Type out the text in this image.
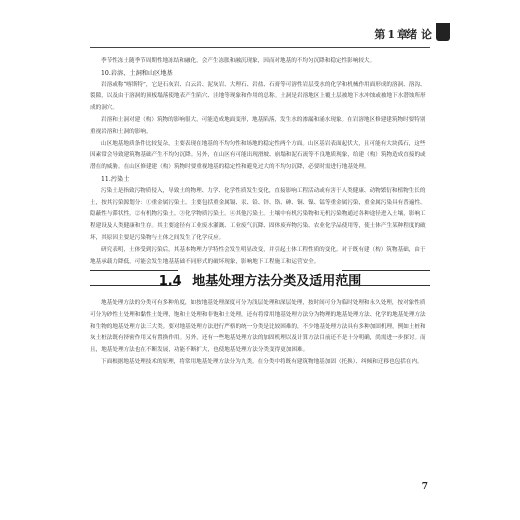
第1章
绪 论

季节性冻土随季节周期性地冻结和融化，会产生冻胀和融沉现象，因而对地基的不均匀沉降和稳定性影响较大。

10.岩溶、土洞和山区地基

岩溶或称“喀斯特”，它是石灰岩、白云岩、泥灰岩、大理石、岩盐、石膏等可溶性岩层受水的化学和机械作用面形成的溶洞、溶沟、裂隙，以及由于溶洞的顶板塌落使地表产生陷穴、洼地等现象和作用的总称。土洞是岩溶地区上覆土层被地下水冲蚀或被地下水潜蚀所形成的洞穴。

岩溶和土洞对建（构）筑物的影响很大，可能造成地面变形，地基陷落，发生水的渗漏和涌水现象。在岩溶地区修建建筑物时要特别重视岩溶和土洞的影响。

山区地基地质条件比较复杂，主要表现在地基的不均匀性和场地的稳定性两个方面。山区基岩表面起伏大，且可能有大块孤石，这些因素常会导致建筑物基础产生不均匀沉降。另外，在山区有可能出现滑坡、崩塌和泥石流等不良地质现象，给建（构）筑物造成直接的或潜在的威胁。在山区修建建（构）筑物时要重视地基的稳定性和避免过大的不均匀沉降，必要时需进行地基处理。

11.污染土

污染土是指致污物质侵入，导致土的物理、力学、化学性质发生变化，直接影响工程活动或有害于人类健康、动物繁衍和植物生长的土，按其污染源划分：①重金属污染土。主要包括重金属镉、汞、铅、锌、铬、砷、铜、镍、锰等重金属污染，重金属污染具有普遍性、隐蔽性与滞状性。②有机物污染土。③化学物质污染土。④其他污染土。土壤中有机污染物和无机污染物通过各种途径进入土壤，影响工程建设及人类健康和生存。其主要途径有工业废水灌溉、工业废气沉降、固体废弃物污染、农业化学品使用等，使土体产生某种程度的破坏，其原因主要是污染物与土体之间发生了化学反应。

研究表明，土体受到污染后，其基本物理力学特性会发生明显改变，并引起土体工程性质的变化。对于既有建（构）筑物基础，由于地基承载力降低，可能会发生地基基础不同形式的破坏现象，影响地下工程施工和运营安全。

1.4 地基处理方法分类及适用范围

地基处理方法的分类可有多种角度，如按地基处理深度可分为浅层处理和深层处理，按时间可分为临时处理和永久处理，按对象性质可分为砂性土处理和黏性土处理，饱和土处理和非饱和土处理，还有将常用地基处理方法分为物理的地基处理方法、化学的地基处理方法和生物的地基处理方法三大类。要对地基处理方法进行严格的统一分类是比较困难的，不少地基处理方法具有多种加固机理，例如土桩和灰土桩法既有挤密作用又有置换作用。另外，还有一些地基处理方法的加固机理以及计算方法目前还不是十分明确，尚需进一步探讨。而且，地基处理方法也在不断发展，功能不断扩大，也使地基处理方法分类变得更加困难。

下面根据地基处理技术的原理，将常用地基处理方法分为九类。在分类中将既有建筑物地基加固（托换）、纠倾和迁移也包括在内。

7
